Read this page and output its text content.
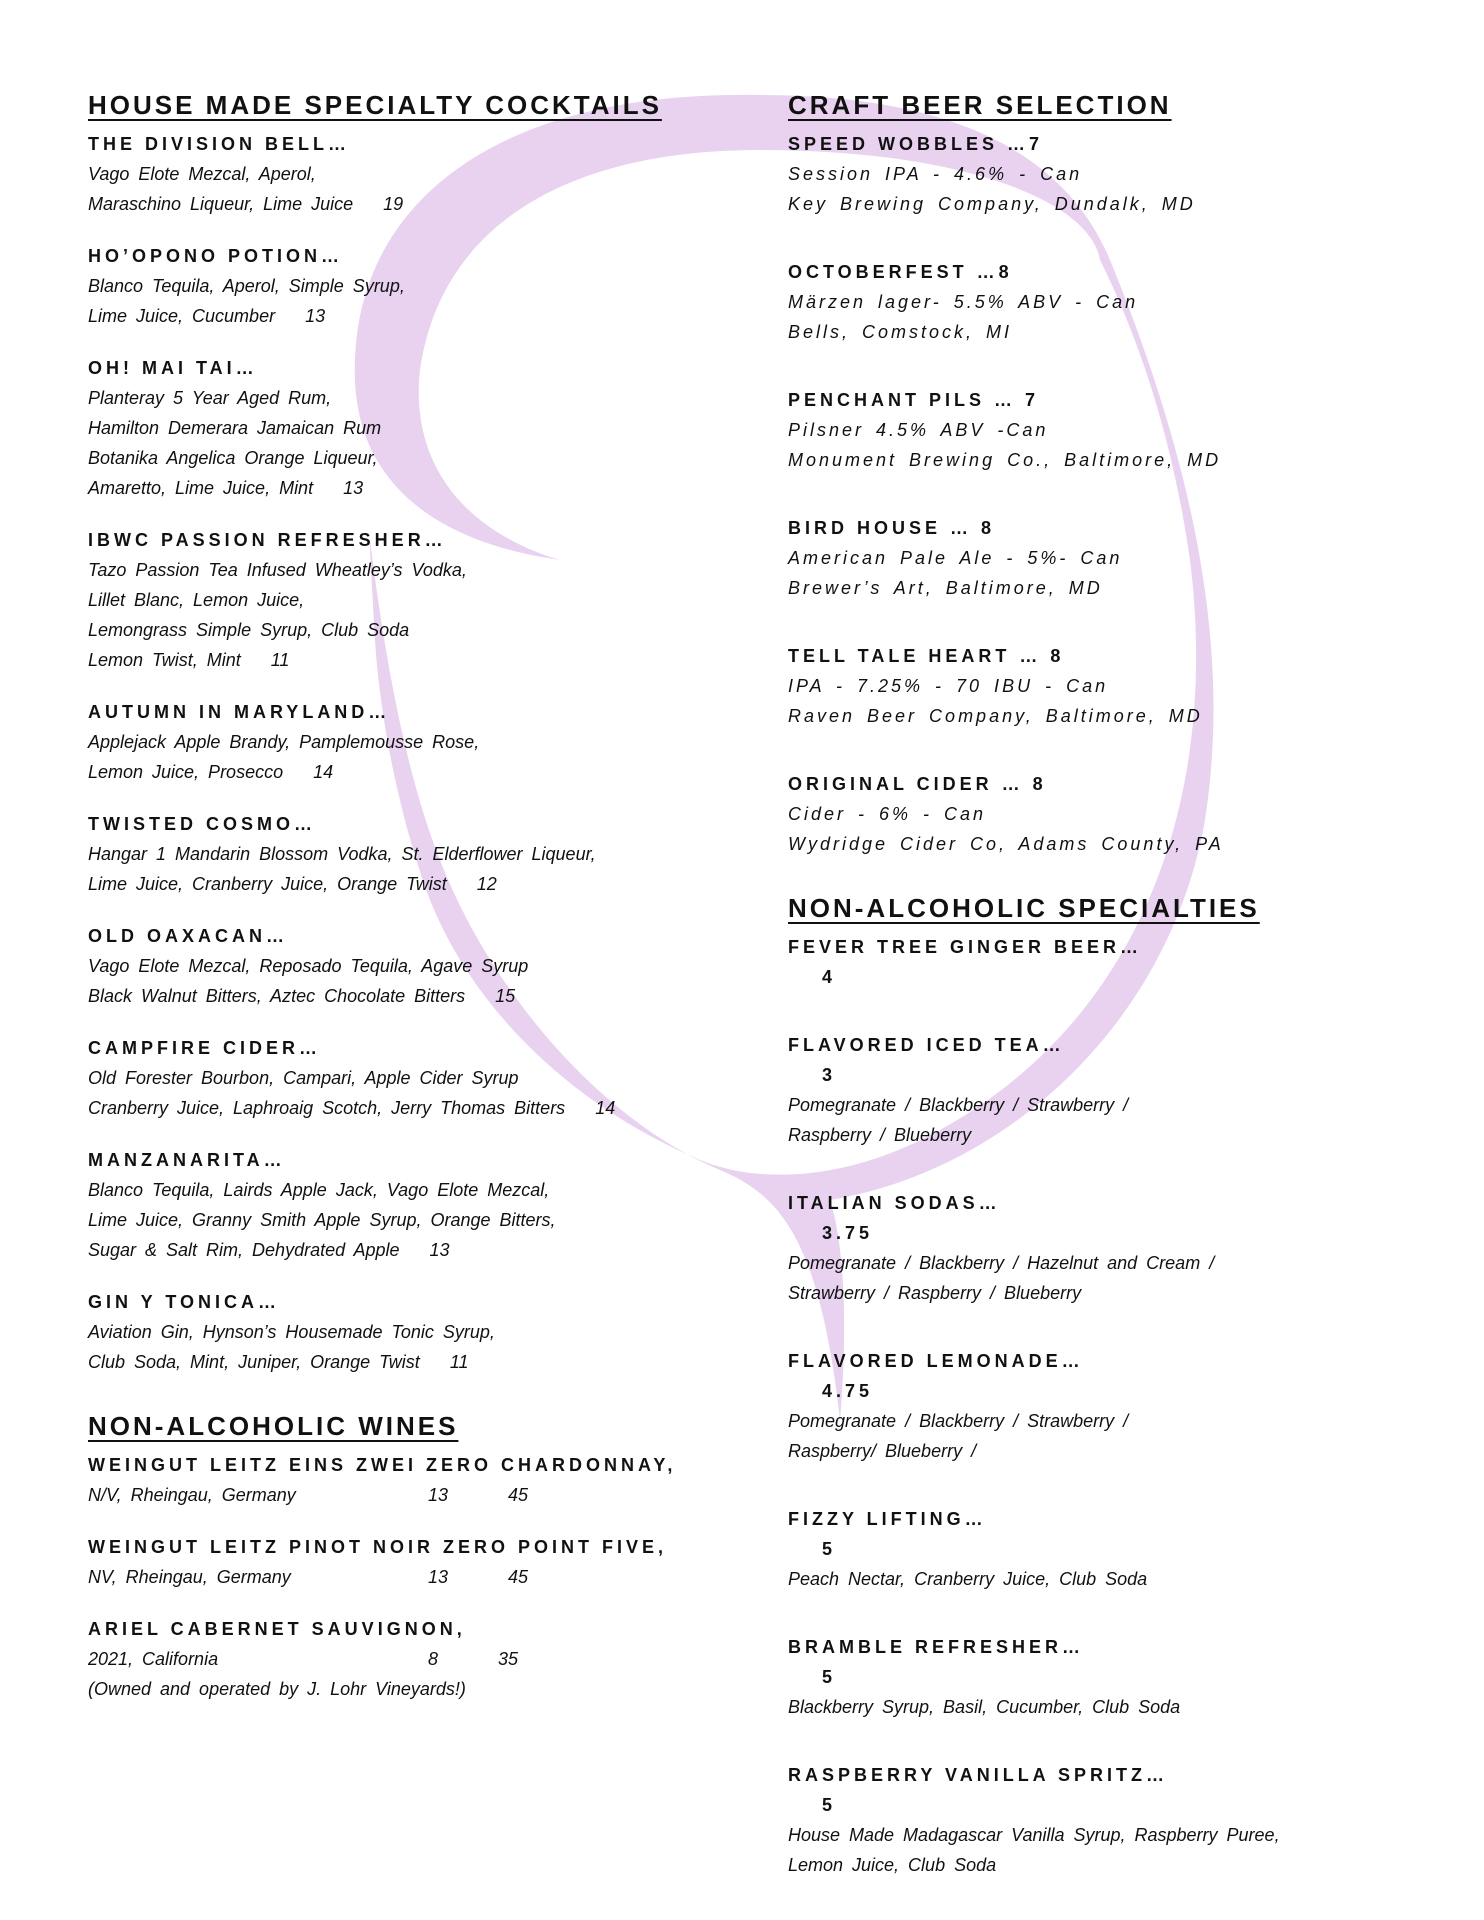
HOUSE MADE SPECIALTY COCKTAILS
THE DIVISION BELL…
Vago Elote Mezcal, Aperol,
Maraschino Liqueur, Lime Juice 19
HO’OPONO POTION…
Blanco Tequila, Aperol, Simple Syrup,
Lime Juice, Cucumber 13
OH! MAI TAI…
Planteray 5 Year Aged Rum,
Hamilton Demerara Jamaican Rum
Botanika Angelica Orange Liqueur,
Amaretto, Lime Juice, Mint 13
IBWC PASSION REFRESHER…
Tazo Passion Tea Infused Wheatley’s Vodka,
Lillet Blanc, Lemon Juice,
Lemongrass Simple Syrup, Club Soda
Lemon Twist, Mint 11
AUTUMN IN MARYLAND…
Applejack Apple Brandy, Pamplemousse Rose,
Lemon Juice, Prosecco 14
TWISTED COSMO…
Hangar 1 Mandarin Blossom Vodka, St. Elderflower Liqueur,
Lime Juice, Cranberry Juice, Orange Twist 12
OLD OAXACAN…
Vago Elote Mezcal, Reposado Tequila, Agave Syrup
Black Walnut Bitters, Aztec Chocolate Bitters 15
CAMPFIRE CIDER…
Old Forester Bourbon, Campari, Apple Cider Syrup
Cranberry Juice, Laphroaig Scotch, Jerry Thomas Bitters 14
MANZANARITA…
Blanco Tequila, Lairds Apple Jack, Vago Elote Mezcal,
Lime Juice, Granny Smith Apple Syrup, Orange Bitters,
Sugar & Salt Rim, Dehydrated Apple 13
GIN Y TONICA…
Aviation Gin, Hynson’s Housemade Tonic Syrup,
Club Soda, Mint, Juniper, Orange Twist 11
NON-ALCOHOLIC WINES
WEINGUT LEITZ EINS ZWEI ZERO CHARDONNAY,
N/V, Rheingau, Germany	13	45
WEINGUT LEITZ PINOT NOIR ZERO POINT FIVE,
NV, Rheingau, Germany	13	45
ARIEL CABERNET SAUVIGNON,
2021, California	8	35
(Owned and operated by J. Lohr Vineyards!)
CRAFT BEER SELECTION
SPEED WOBBLES …7
Session IPA - 4.6% - Can
Key Brewing Company, Dundalk, MD
OCTOBERFEST …8
Märzen lager- 5.5% ABV - Can
Bells, Comstock, MI
PENCHANT PILS … 7
Pilsner 4.5% ABV -Can
Monument Brewing Co., Baltimore, MD
BIRD HOUSE … 8
American Pale Ale - 5%- Can
Brewer’s Art, Baltimore, MD
TELL TALE HEART … 8
IPA - 7.25% - 70 IBU - Can
Raven Beer Company, Baltimore, MD
ORIGINAL CIDER … 8
Cider - 6% - Can
Wydridge Cider Co, Adams County, PA
NON-ALCOHOLIC SPECIALTIES
FEVER TREE GINGER BEER…
4
FLAVORED ICED TEA…
3
Pomegranate / Blackberry / Strawberry /
Raspberry / Blueberry
ITALIAN SODAS…
3.75
Pomegranate / Blackberry / Hazelnut and Cream /
Strawberry / Raspberry / Blueberry
FLAVORED LEMONADE…
4.75
Pomegranate / Blackberry / Strawberry /
Raspberry/ Blueberry /
FIZZY LIFTING…
5
Peach Nectar, Cranberry Juice, Club Soda
BRAMBLE REFRESHER…
5
Blackberry Syrup, Basil, Cucumber, Club Soda
RASPBERRY VANILLA SPRITZ…
5
House Made Madagascar Vanilla Syrup, Raspberry Puree,
Lemon Juice, Club Soda
